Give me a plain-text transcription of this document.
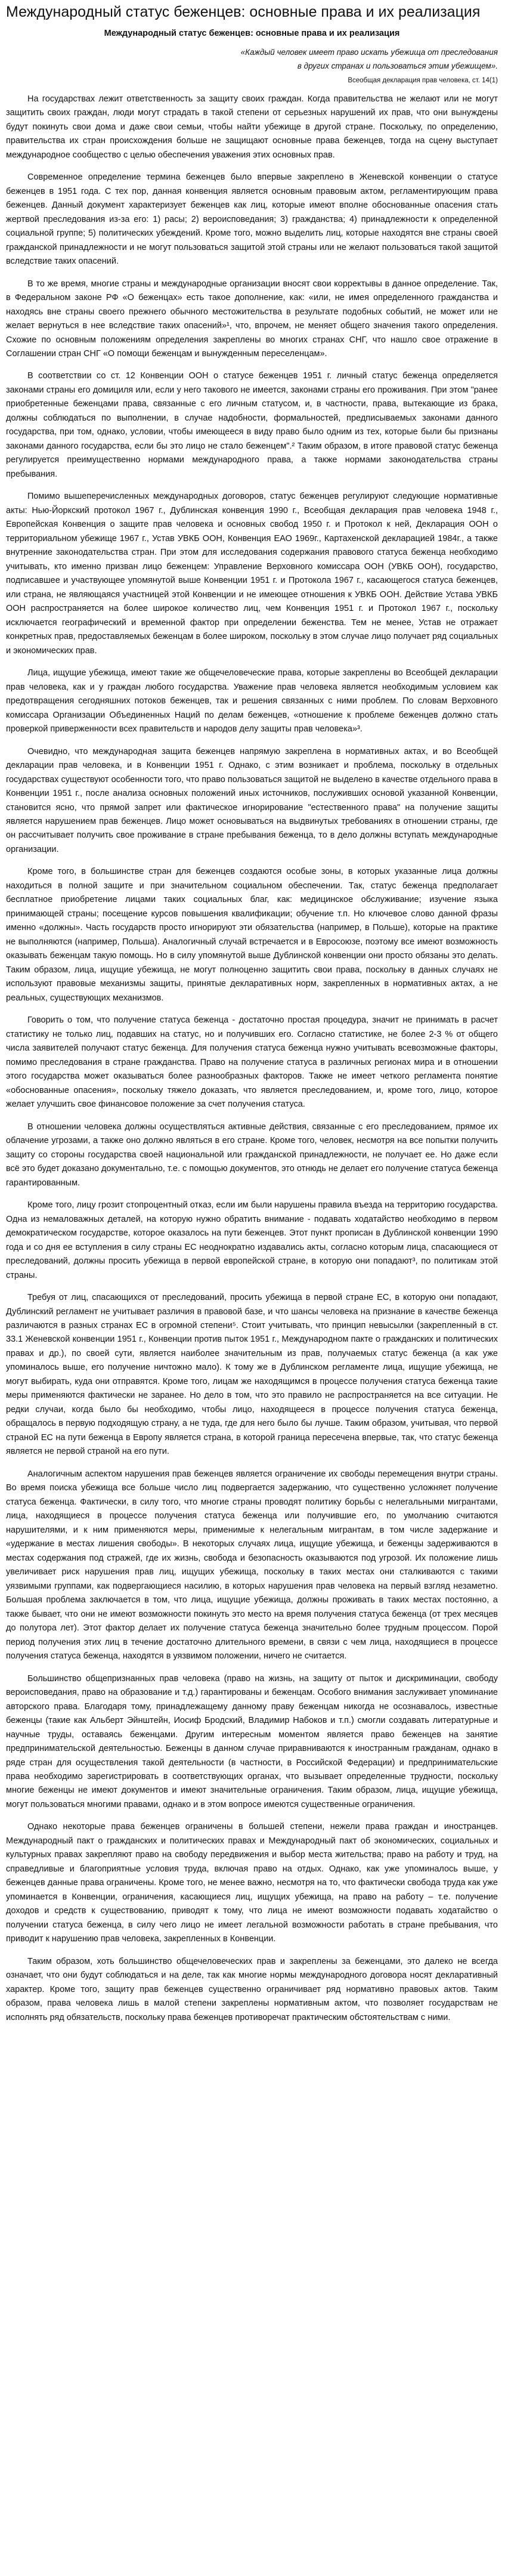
Международный статус беженцев: основные права и их реализация
Международный статус беженцев: основные права и их реализация
«Каждый человек имеет право искать убежища от преследования
в других странах и пользоваться этим убежищем».
Всеобщая декларация прав человека, ст. 14(1)

На государствах лежит ответственность за защиту своих граждан. Когда правительства не желают или не могут защитить своих граждан, люди могут страдать в такой степени от серьезных нарушений их прав, что они вынуждены будут покинуть свои дома и даже свои семьи, чтобы найти убежище в другой стране. Поскольку, по определению, правительства их стран происхождения больше не защищают основные права беженцев, тогда на сцену выступает международное сообщество с целью обеспечения уважения этих основных прав.

Современное определение термина беженцев было впервые закреплено в Женевской конвенции о статусе беженцев в 1951 года. С тех пор, данная конвенция является основным правовым актом, регламентирующим права беженцев. Данный документ характеризует беженцев как лиц, которые имеют вполне обоснованные опасения стать жертвой преследования из-за его: 1) расы; 2) вероисповедания; 3) гражданства; 4) принадлежности к определенной социальной группе; 5) политических убеждений. Кроме того, можно выделить лиц, которые находятся вне страны своей гражданской принадлежности и не могут пользоваться защитой этой страны или не желают пользоваться такой защитой вследствие таких опасений.

В то же время, многие страны и международные организации вносят свои корректывы в данное определение. Так, в Федеральном законе РФ «О беженцах» есть такое дополнение, как: «или, не имея определенного гражданства и находясь вне страны своего прежнего обычного местожительства в результате подобных событий, не может или не желает вернуться в нее вследствие таких опасений»¹, что, впрочем, не меняет общего значения такого определения. Схожие по основным положениям определения закреплены во многих странах СНГ, что нашло свое отражение в Соглашении стран СНГ «О помощи беженцам и вынужденным переселенцам».

В соответствии со ст. 12 Конвенции ООН о статусе беженцев 1951 г. личный статус беженца определяется законами страны его домициля или, если у него такового не имеется, законами страны его проживания. При этом "ранее приобретенные беженцами права, связанные с его личным статусом, и, в частности, права, вытекающие из брака, должны соблюдаться по выполнении, в случае надобности, формальностей, предписываемых законами данного государства, при том, однако, условии, чтобы имеющееся в виду право было одним из тех, которые были бы признаны законами данного государства, если бы это лицо не стало беженцем".² Таким образом, в итоге правовой статус беженца регулируется преимущественно нормами международного права, а также нормами законодательства страны пребывания.

Помимо вышеперечисленных международных договоров, статус беженцев регулируют следующие нормативные акты: Нью-Йоркский протокол 1967 г., Дублинская конвенция 1990 г., Всеобщая декларация прав человека 1948 г., Европейская Конвенция о защите прав человека и основных свобод 1950 г. и Протокол к ней, Декларация ООН о территориальном убежище 1967 г., Устав УВКБ ООН, Конвенция ЕАО 1969г., Картахенской декларацией 1984г., а также внутренние законодательства стран. При этом для исследования содержания правового статуса беженца необходимо учитывать, кто именно призван лицо беженцем: Управление Верховного комиссара ООН (УВКБ ООН), государство, подписавшее и участвующее упомянутой выше Конвенции 1951 г. и Протокола 1967 г., касающегося статуса беженцев, или страна, не являющаяся участницей этой Конвенции и не имеющее отношения к УВКБ ООН. Действие Устава УВКБ ООН распространяется на более широкое количество лиц, чем Конвенция 1951 г. и Протокол 1967 г., поскольку исключается географический и временной фактор при определении беженства. Тем не менее, Устав не отражает конкретных прав, предоставляемых беженцам в более широком, поскольку в этом случае лицо получает ряд социальных и экономических прав.

Лица, ищущие убежища, имеют такие же общечеловеческие права, которые закреплены во Всеобщей декларации прав человека, как и у граждан любого государства. Уважение прав человека является необходимым условием как предотвращения сегодняшних потоков беженцев, так и решения связанных с ними проблем. По словам Верховного комиссара Организации Объединенных Наций по делам беженцев, «отношение к проблеме беженцев должно стать проверкой приверженности всех правительств и народов делу защиты прав человека»³.

Очевидно, что международная защита беженцев напрямую закреплена в нормативных актах, и во Всеобщей декларации прав человека, и в Конвенции 1951 г. Однако, с этим возникает и проблема, поскольку в отдельных государствах существуют особенности того, что право пользоваться защитой не выделено в качестве отдельного права в Конвенции 1951 г., после анализа основных положений иных источников, послуживших основой указанной Конвенции, становится ясно, что прямой запрет или фактическое игнорирование "естественного права" на получение защиты является нарушением прав беженцев. Лицо может основываться на выдвинутых требованиях в отношении страны, где он рассчитывает получить свое проживание в стране пребывания беженца, то в дело должны вступать международные организации.

Кроме того, в большинстве стран для беженцев создаются особые зоны, в которых указанные лица должны находиться в полной защите и при значительном социальном обеспечении. Так, статус беженца предполагает бесплатное приобретение лицами таких социальных благ, как: медицинское обслуживание; изучение языка принимающей страны; посещение курсов повышения квалификации; обучение т.п. Но ключевое слово данной фразы именно «должны». Часть государств просто игнорируют эти обязательства (например, в Польше), которые на практике не выполняются (например, Польша). Аналогичный случай встречается и в Евросоюзе, поэтому все имеют возможность оказывать беженцам такую помощь. Но в силу упомянутой выше Дублинской конвенции они просто обязаны это делать. Таким образом, лица, ищущие убежища, не могут полноценно защитить свои права, поскольку в данных случаях не используют правовые механизмы защиты, принятые декларативных норм, закрепленных в нормативных актах, а не реальных, существующих механизмов.

Говорить о том, что получение статуса беженца - достаточно простая процедура, значит не принимать в расчет статистику не только лиц, подавших на статус, но и получивших его. Согласно статистике, не более 2-3 % от общего числа заявителей получают статус беженца. Для получения статуса беженца нужно учитывать всевозможные факторы, помимо преследования в стране гражданства. Право на получение статуса в различных регионах мира и в отношении этого государства может оказываться более разнообразных факторов. Также не имеет четкого регламента понятие «обоснованные опасения», поскольку тяжело доказать, что является преследованием, и, кроме того, лицо, которое желает улучшить свое финансовое положение за счет получения статуса.

В отношении человека должны осуществляться активные действия, связанные с его преследованием, прямое их облачение угрозами, а также оно должно являться в его стране. Кроме того, человек, несмотря на все попытки получить защиту со стороны государства своей национальной или гражданской принадлежности, не получает ее. Но даже если всё это будет доказано документально, т.е. с помощью документов, это отнюдь не делает его получение статуса беженца гарантированным.

Кроме того, лицу грозит стопроцентный отказ, если им были нарушены правила въезда на территорию государства. Одна из немаловажных деталей, на которую нужно обратить внимание - подавать ходатайство необходимо в первом демократическом государстве, которое оказалось на пути беженцев. Этот пункт прописан в Дублинской конвенции 1990 года и со дня ее вступления в силу страны ЕС неоднократно издавались акты, согласно которым лица, спасающиеся от преследований, должны просить убежища в первой европейской стране, в которую они попадают³, по политикам этой страны.

Требуя от лиц, спасающихся от преследований, просить убежища в первой стране ЕС, в которую они попадают, Дублинский регламент не учитывает различия в правовой базе, и что шансы человека на признание в качестве беженца различаются в разных странах ЕС в огромной степени⁵. Стоит учитывать, что принцип невысылки (закрепленный в ст. 33.1 Женевской конвенции 1951 г., Конвенции против пыток 1951 г., Международном пакте о гражданских и политических правах и др.), по своей сути, является наиболее значительным из прав, получаемых статус беженца (а как уже упоминалось выше, его получение ничтожно мало). К тому же в Дублинском регламенте лица, ищущие убежища, не могут выбирать, куда они отправятся. Кроме того, лицам же находящимся в процессе получения статуса беженца такие меры применяются фактически не заранее. Но дело в том, что это правило не распространяется на все ситуации. Не редки случаи, когда было бы необходимо, чтобы лицо, находящееся в процессе получения статуса беженца, обращалось в первую подходящую страну, а не туда, где для него было бы лучше. Таким образом, учитывая, что первой страной ЕС на пути беженца в Европу является страна, в которой граница пересечена впервые, так, что статус беженца является не первой страной на его пути.

Аналогичным аспектом нарушения прав беженцев является ограничение их свободы перемещения внутри страны. Во время поиска убежища все больше число лиц подвергается задержанию, что существенно усложняет получение статуса беженца. Фактически, в силу того, что многие страны проводят политику борьбы с нелегальными мигрантами, лица, находящиеся в процессе получения статуса беженца или получившие его, по умолчанию считаются нарушителями, и к ним применяются меры, применимые к нелегальным мигрантам, в том числе задержание и «удержание в местах лишения свободы». В некоторых случаях лица, ищущие убежища, и беженцы задерживаются в местах содержания под стражей, где их жизнь, свобода и безопасность оказываются под угрозой. Их положение лишь увеличивает риск нарушения прав лиц, ищущих убежища, поскольку в таких местах они сталкиваются с такими уязвимыми группами, как подвергающиеся насилию, в которых нарушения прав человека на первый взгляд незаметно. Большая проблема заключается в том, что лица, ищущие убежища, должны проживать в таких местах постоянно, а также бывает, что они не имеют возможности покинуть это место на время получения статуса беженца (от трех месяцев до полутора лет). Этот фактор делает их получение статуса беженца значительно более трудным процессом. Порой период получения этих лиц в течение достаточно длительного времени, в связи с чем лица, находящиеся в процессе получения статуса беженца, находятся в уязвимом положении, ничего не считается.

Большинство общепризнанных прав человека (право на жизнь, на защиту от пыток и дискриминации, свободу вероисповедания, право на образование и т.д.) гарантированы и беженцам. Особого внимания заслуживает упоминание авторского права. Благодаря тому, принадлежащему данному праву беженцам никогда не осознавалось, известные беженцы (такие как Альберт Эйнштейн, Иосиф Бродский, Владимир Набоков и т.п.) смогли создавать литературные и научные труды, оставаясь беженцами. Другим интересным моментом является право беженцев на занятие предпринимательской деятельностью. Беженцы в данном случае приравниваются к иностранным гражданам, однако в ряде стран для осуществления такой деятельности (в частности, в Российской Федерации) и предпринимательские права необходимо зарегистрировать в соответствующих органах, что вызывает определенные трудности, поскольку многие беженцы не имеют документов и имеют значительные ограничения. Таким образом, лица, ищущие убежища, могут пользоваться многими правами, однако и в этом вопросе имеются существенные ограничения.

Однако некоторые права беженцев ограничены в большей степени, нежели права граждан и иностранцев. Международный пакт о гражданских и политических правах и Международный пакт об экономических, социальных и культурных правах закрепляют право на свободу передвижения и выбор места жительства; право на работу и труд, на справедливые и благоприятные условия труда, включая право на отдых. Однако, как уже упоминалось выше, у беженцев данные права ограничены. Кроме того, не менее важно, несмотря на то, что фактически свобода труда как уже упоминается в Конвенции, ограничения, касающиеся лиц, ищущих убежища, на право на работу – т.е. получение доходов и средств к существованию, приводят к тому, что лица не имеют возможности подавать ходатайство о получении статуса беженца, в силу чего лицо не имеет легальной возможности работать в стране пребывания, что приводит к нарушению прав человека, закрепленных в Конвенции.

Таким образом, хоть большинство общечеловеческих прав и закреплены за беженцами, это далеко не всегда означает, что они будут соблюдаться и на деле, так как многие нормы международного договора носят декларативный характер. Кроме того, защиту прав беженцев существенно ограничивает ряд нормативно правовых актов. Таким образом, права человека лишь в малой степени закреплены нормативным актом, что позволяет государствам не исполнять ряд обязательств, поскольку права беженцев противоречат практическим обстоятельствам с ними.
